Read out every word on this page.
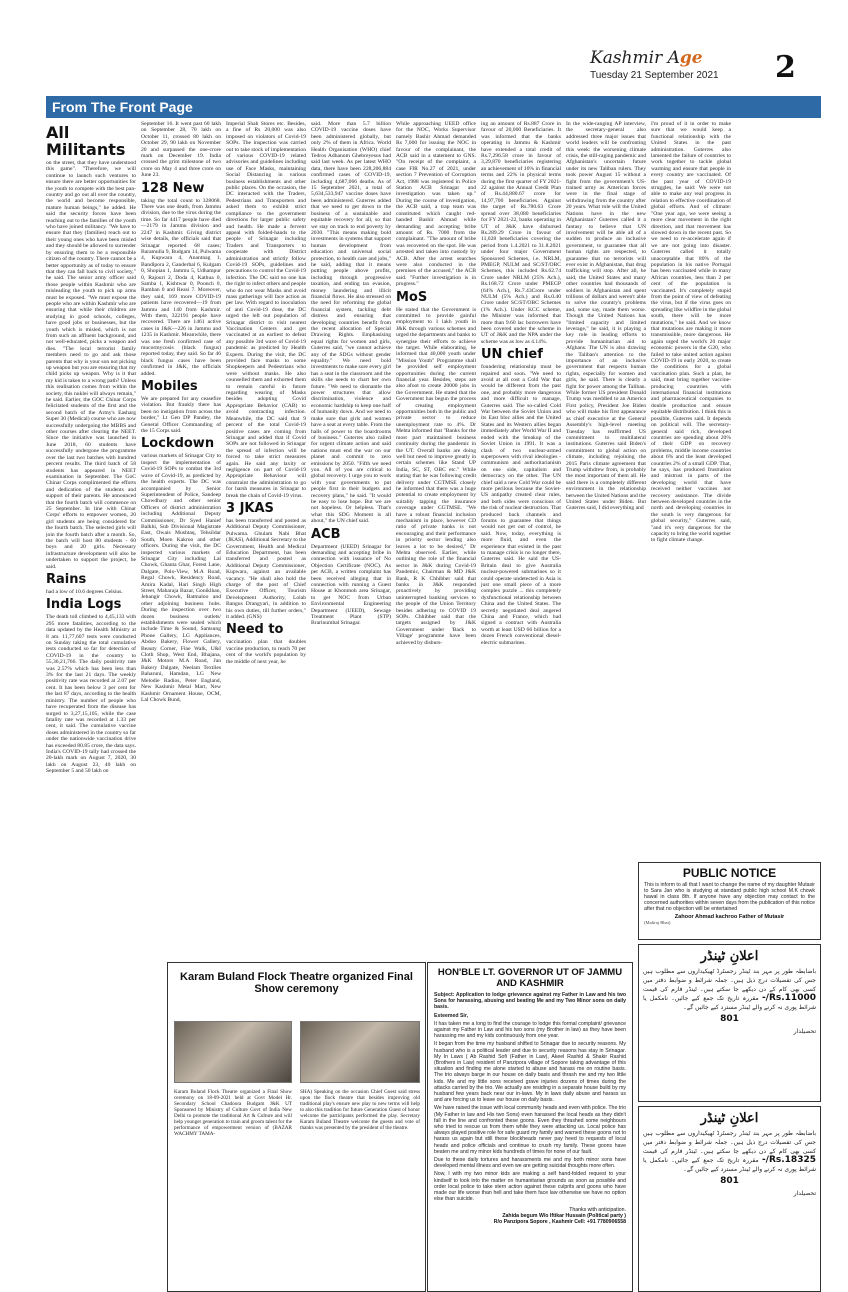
Kashmir Age
Tuesday 21 September 2021	2
From The Front Page
All Militants

on the street, that they have understood this game". "Therefore, we will continue to launch such ventures to ensure there are better opportunities for the youth to compete with the best pan-country and go out all over the country, the world and become responsible, mature human beings," he added. He said the security forces have been reaching out to the families of the youth who have joined militancy. "We have to ensure that they (families) reach out to their young ones who have been misled and they should be allowed to surrender by ensuring them to be a responsible citizen of the country. There cannot be a better opportunity as of today to ensure that they can fall back to civil society," he said. The senior army officer said those people within Kashmir who are misleading the youth to pick up arms must be exposed. "We must expose the people who are within Kashmir who are ensuring that while their children are studying in good schools, colleges, have good jobs or businesses, but the youth which is misled, which is not from such an affluent background, and not well-educated, picks a weapon and dies. "The local terrorist family members need to go and ask those parents that why is your son not picking up weapon but you are ensuring that my child picks up weapon. Why is it that my kid is taken to a wrong path? Unless this realisation comes from within the society, this nuklei will always remain," he said. Earlier, the GOC Chinar Corps felicitated students of the first and the second batch of the Army's Easharg Super 30 (Medical) course who are now successfully undergoing the MBBS and other courses after clearing the NEET. Since the initiative was launched in June 2018, 60 students have successfully undergone the programme over the last two batches with hundred percent results. The third batch of 58 students has appeared in NEET examination in September. The GoC Chinar Corps complimented the efforts and dedication of the students and support of their parents. He announced that the fourth batch will commence on 25 September. In line with Chinar Corps' efforts to empower women, 20 girl students are being considered for the fourth batch. The selected girls will join the fourth batch after a month. So, the batch will host 80 students - 60 boys and 20 girls. Necessary infrastructure development will also be undertaken to support the project, he said.

Rains

had a low of 10.6 degrees Celsius.

India Logs

The death toll climbed to 4,45,133 with 295 more fatalities, according to the data updated by the Health Ministry at 8 am. 11,77,607 tests were conducted on Sunday taking the total cumulative tests conducted so far for detection of COVID-19 in the country to 55,36,21,766. The daily positivity rate was 2.57% which has been less than 3% for the last 21 days. The weekly positivity rate was recorded at 2.07 per cent. It has been below 3 per cent for the last 87 days, according to the health ministry. The number of people who have recuperated from the disease has surged to 3,27,15,105, while the case fatality rate was recorded at 1.33 per cent, it said. The cumulative vaccine doses administered in the country so far under the nationwide vaccination drive has exceeded 80.85 crore, the data says. India's COVID-19 tally had crossed the 20-lakh mark on August 7, 2020, 30 lakh on August 23, 40 lakh on September 5 and 50 lakh on

September 16. It went past 60 lakh on September 28, 70 lakh on October 11, crossed 80 lakh on October 29, 90 lakh on November 20 and surpassed the one-crore mark on December 19. India crossed the grim milestone of two crore on May 4 and three crore on June 23.

128 New

taking the total count to 328068. There was one death, from Jammu division, due to the virus during the time. So far 4417 people have died—2179 in Jammu division and 2247 in Kashmir. Giving district wise details, the officials said that Srinagar reported 68 cases; Baramulla 9, Budgam 14, Pulwama 4, Kupwara 4, Anantnag 1, Bandipora 2, Ganderbal 6, Kulgam 0, Shopian 1, Jammu 5, Udhampur 0, Rajouri 2, Doda 4, Kathua 0, Samba 1, Kishtwar 0, Poonch 0, Ramban 0 and Reasi 7. Moreover, they said, 169 more COVID-19 patients have recovered—19 from Jammu and 140 from Kashmir. With them, 322191 people have recovered. There are 1461 active cases in J&K—226 in Jammu and 1235 in Kashmir. Meanwhile, there was one fresh confirmed case of mucormycosis (black fungus) reported today, they said. So far 46 black fungus cases have been confirmed in J&K, the officials added.

Mobiles

We are prepared for any ceasefire violation. But frankly there has been no instigation from across the border," Lt Gen DP Pandey, the General Officer Commanding of the 15 Corps said.

Lockdown

various markets of Srinagar City to inspect the implementation of Covid-19 SOPs to combat the 3rd wave of Covid-19, as predicted by the health experts. The DC was accompanied by Senior Superintendent of Police, Sandeep Chowdhary and other senior Officers of district administration including Additional Deputy Commissioner, Dr Syed Hanief Balkhi, Sub Divisional Magistrate East, Owais Mushtaq, Tehsildar South, Moen Kakroo and other officers. During the visit, the DC inspected various markets of Srinagar City including Lal Chowk, Ghanta Ghar, Forest Lane, Dalgate, Polo-View, M.A Road, Regal Chowk, Residency Road, Amira Kadal, Hari Singh High Street, Maharaja Bazar, Goniklhan, Jehangir Chowk, Batmaloo and other adjoining business hubs. During the inspection over two dozen business outlets/ establishments were sealed which include Time & Sound, Samsung Phone Gallery, LG Appliances, Abdoo Bakery, Flower Gallery, Beauty Corner, Fine Walk, U&I Cloth Shop, West End, Bhajana, J&K Motors M.A Road, Jan Bakery Dalgate, Neelam Textiles Baharuni, Hamdan, LG New Melodie Radios, Peter England, New Kashmir Metal Mart, New Kashmir Ornament House, OCM, Lal Chowk Bund,

Imperial Shah Stores etc. Besides, a fine of Rs 20,000 was also imposed on violators of Covid-19 SOPs. The inspection was carried out to take stock of implementation of various COVID-19 related advisories and guidelines including use of Face Masks, maintaining Social Distancing in various business establishments and other public places. On the occasion, the DC interacted with the Traders, Pedestrians and Transporters and asked them to exhibit strict compliance to the government directions for larger public safety and health. He made a fervent appeal with folded-hands to the people of Srinagar including Traders and Transporters to cooperate with District administration and strictly follow Covid-19 SOPs, guidelines and precautions to control the Covid-19 infection. The DC said no one has the right to infect others and people who do not wear Masks and avoid mass gatherings will face action as per law. With regard to inoculation of anti Covid-19 dose, the DC urged the left out population of Srinagar district to visit nearest Vaccination Centers and get vaccinated at an earliest to defeat any possible 3rd wave of Covid-19 pandemic as predicted by Health Experts. During the visit, the DC provided face masks to some Shopkeepers and Pedestrians who were without masks. He also counselled them and exhorted them to remain careful in future regarding wearing of Masks besides adopting Covid Appropriate Behavior (CAB) to avoid contracting infection. Meanwhile, the DC said that 9 percent of the total Covid-19 positive cases are coming from Srinagar and added that if Covid SOPs are not followed in Srinagar the spread of infection will be forced to take strict measures again. He said any laxity or negligence on part of Covid-19 Appropriate Behaviour will constraint the administration to go for harsh measures in Srinagar to break the chain of Covid-19 virus.

3 JKAS

has been transferred and posted as Additional Deputy Commissioner, Pulwama. Ghulam Nabi Bhat (JKAS), Additional Secretary to the Government, Health and Medical Education Department, has been transferred and posted as Additional Deputy Commissioner, Kupwara, against an available vacancy. "He shall also hold the charge of the post of Chief Executive Officer, Tourism Development Authority, Lolab Bangus Drangyari, in addition to his own duties, till further orders," it added. (GNS)

Need to

vaccination plan that doubles vaccine production, to reach 70 per cent of the world's population by the middle of next year, he

said. More than 5.7 billion COVID-19 vaccine doses have been administered globally, but only 2% of them in Africa. World Health Organisation (WHO) chief Tedros Adhanom Ghebreyesus had said last week. As per latest WHO data, there have been 228,206,884 confirmed cases of COVID-19, including 4,687,066 deaths. As of 15 September 2021, a total of 5,634,533,947 vaccine doses have been administered. Guterres added that we need to get down to the business of a sustainable and equitable recovery for all, so that we stay on track to end poverty by 2030. "This means making bold investments in systems that support human development from education and universal social protection, to health care and jobs," he said, adding that it means putting people above profits, including through progressive taxation, and ending tax evasion, money laundering and illicit financial flows. He also stressed on the need for reforming the global financial system, tackling debt distress and ensuring that developing countries benefit from the recent allocation of Special Drawing Rights. Emphasising equal rights for women and girls, Guterres said, "we cannot achieve any of the SDGs without gender equality." We need bold investments to make sure every girl has a seat in the classroom and the skills she needs to chart her own future. "We need to dismantle the power structures that allow discrimination, violence and economic hardship to keep one half of humanity down. And we need to make sure that girls and women have a seat at every table. From the halls of power to the boardrooms of business." Guterres also called for urgent climate action and said nations must end the war on our planet and commit to zero emissions by 2050. "Fifth we need you. All of you are critical to global recovery. I urge you to work with your governments to put people first in their budgets and recovery plans," he said. "It would be easy to lose hope. But we are not hopeless. Or helpless. That's what this SDG Moment is all about," the UN chief said.

ACB

Department (UEED) Srinagar for demanding and accepting bribe in connection with issuance of No Objection Certificate (NOC). As per ACB, a written complaint has been received alleging that in connection with running a Guest House at Khonmoh area Srinagar, to get NOC from Urban Environmental Engineering Department (UEED), Sewage Treatment Plant (STP) Brarinumbal Srinagar.

While approaching UEED office for the NOC, Works Supervisor namely Bashir Ahmad demanded Rs 7,000 for issuing the NOC in favour of the complainant, the ACB said in a statement to GNS. "On receipt of the complaint, a case FIR No.27 of 2021, under section 7 Prevention of Corruption Act, 1988 was registered in Police Station ACB Srinagar and investigation was taken up." During the course of investigation, the ACB said, a trap team was constituted which caught red-handed Bashir Ahmad while demanding and accepting bribe amount of Rs. 7000 from the complainant. "The amount of bribe was recovered on the spot. He was arrested and taken into custody by ACB. After the arrest searches were also conducted in the premises of the accused," the ACB said. "Further investigation is in progress."

MoS

He stated that the Government is committed to provide gainful employment to 1 lakh youth in J&K through various schemes and urged the departments and banks to synergise their efforts to achieve the target. While elaborating, he informed that 40,000 youth under "Mission Youth" Programme shall be provided self employment opportunities during the current financial year. Besides, steps are also afoot to create 20000 jobs in the Government. He stated that the Government has begun the process of creating employment opportunities both in the public and private sector to reduce unemployment rate to 4%. Dr Mehta informed that "Banks for the most part maintained business continuity during the pandemic in the UT. Overall banks are doing well but need to improve greatly in certain schemes like Stand UP India, SC, ST, OBC etc." While stating that he was following credit delivery under CGTMSE closely he informed that there was a huge potential to create employment by suitably tapping the insurance coverage under CGTMSE. "We have a robust financial inclusion mechanism in place, however CD ratio of private banks is not encouraging and their performance in priority sector lending also leaves a lot to be desired," Dr Mehta observed. Earlier, while outlining the role of the financial sector in J&K during Covid-19 Pandemic, Chairman & MD J&K Bank, R K Chhibber said that banks in J&K responded proactively by providing uninterrupted banking services to the people of the Union Territory besides adhering to COVID 19 SOPs. Chhibber said that the targets assigned by J&K Government under 'Back to Village' programme have been achieved by disburs-

ing an amount of Rs.887 Crore in favour of 20,000 Beneficiaries. It was informed that the banks operating in Jammu & Kashmir have extended a total credit of Rs.7,296.58 crore in favour of 3,29,870 beneficiaries registering an achievement of 16% in financial terms and 22% in physical terms during the first quarter of FY 2021-22 against the Annual Credit Plan of Rs.44,880.67 crore for 14,97,700 beneficiaries. Against the target of Rs.780.63 Crore spread over 38,080 beneficiaries for FY 2021-22, banks operating in UT of J&K have disbursed Rs.289.29 Crore in favour of 11,028 beneficiaries covering the period from 1.4.2021 to 31.8.2021 under four major Government Sponsored Schemes, i.e. NRLM, PMEGP, NULM and SC/ST/OBC Schemes, this included Rs.62.74 Crore under NRLM (25% Ach.), Rs.168.72 Crore under PMEGP (64% Ach.), Rs.7.43Crore under NULM (5% Ach.) and Rs.0.40 Crore under SC/ST/OBC Schemes (1% Ach.). Under KCC scheme, the Minister was informed that more than 9.60 lac borrowers have been covered under the scheme in UT of J&K and the NPA under the scheme was as low as 4.14%.

UN chief

foundering relationship must be repaired and soon. "We need to avoid at all cost a Cold War that would be different from the past one, and probably more dangerous and more difficult to manage, Guterres said. The so-called Cold War between the Soviet Union and its East bloc allies and the United States and its Western allies began immediately after World War II and ended with the breakup of the Soviet Union in 1991. It was a clash of two nuclear-armed superpowers with rival ideologies - communism and authoritarianism on one side, capitalism and democracy on the other. The UN chief said a new Cold War could be more perilous because the Soviet-US antipathy created clear rules, and both sides were conscious of the risk of nuclear destruction. That produced back channels and forums to guarantee that things would not get out of control, he said. Now, today, everything is more fluid, and even the experience that existed in the past to manage crisis is no longer there, Guterres said. He said the US-Britain deal to give Australia nuclear-powered submarines so it could operate undetected in Asia is just one small piece of a more complex puzzle ... this completely dysfunctional relationship between China and the United States. The secretly negotiated deal angered China and France, which had signed a contract with Australia worth at least USD 66 billion for a dozen French conventional diesel-electric submarines.

In the wide-ranging AP interview, the secretary-general also addressed three major issues that world leaders will be confronting this week: the worsening climate crisis, the still-raging pandemic and Afghanistan's uncertain future under its new Taliban rulers. They took power August 15 without a fight from the government's US-trained army as American forces were in the final stage of withdrawing from the country after 20 years. What role will the United Nations have in the new Afghanistan? Guterres called it a fantasy to believe that UN involvement will be able all of a sudden to produce an inclusive government, to guarantee that all human rights are respected, to guarantee that no terrorists will ever exist in Afghanistan, that drug trafficking will stop. After all, he said, the United States and many other countries had thousands of soldiers in Afghanistan and spent trillions of dollars and weren't able to solve the country's problems and, some say, made them worse. Though the United Nations has "limited capacity and limited leverage," he said, it is playing a key role in leading efforts to provide humanitarian aid to Afghans. The UN is also drawing the Taliban's attention to the importance of an inclusive government that respects human rights, especially for women and girls, he said. There is clearly a fight for power among the Taliban. While former US president Donald Trump was meddled to an America First policy, President Joe Biden who will make his first appearance as chief executive at the General Assembly's high-level meeting Tuesday has reaffirmed US commitment to multilateral institutions. Guterres said Biden's commitment to global action on climate, including rejoining the 2015 Paris climate agreement that Trump withdrew from, is probably the most important of them all. He said there is a completely different environment in the relationship between the United Nations and the United States under Biden. But Guterres said, I did everything and

I'm proud of it in order to make sure that we would keep a functional relationship with the United States in the past administration. Guterres also lamented the failure of countries to work together to tackle global warming and ensure that people in every country are vaccinated. Of the past year of COVID-19 struggles, he said: We were not able to make any real progress in relation to effective coordination of global efforts. And of climate: "One year ago, we were seeing a more clear movement in the right direction, and that movement has slowed down in the recent past. So we need to re-accelerate again if we are not going into disaster. Guterres called it totally unacceptable that 80% of the population in his native Portugal has been vaccinated while in many African countries, less than 2 per cent of the population is vaccinated. It's completely stupid from the point of view of defeating the virus, but if the virus goes on spreading like wildfire in the global south, there will be more mutations," he said. And we know that mutations are making it more transmissible, more dangerous. He again urged the world's 20 major economic powers in the G20, who failed to take united action against COVID-19 in early 2020, to create the conditions for a global vaccination plan. Such a plan, he said, must bring together vaccine-producing countries with international financial institutions and pharmaceutical companies to double production and ensure equitable distribution. I think this is possible, Guterres said. It depends on political will. The secretary-general said rich, developed countries are spending about 20% of their GDP on recovery problems, middle income countries about 6% and the least developed countries 2% of a small GDP. That, he says, has produced frustration and mistrust in parts of the developing world that have received neither vaccines nor recovery assistance. The divide between developed countries in the north and developing countries in the south is very dangerous for global security," Guterres said, "and it's very dangerous for the capacity to bring the world together to fight climate change.

Karam Buland Flock Theatre organized Final Show ceremony
Karam Buland Flock Theatre organized a Final Show ceremony on 18-09-2021 held at Govt Model Hr. Secondary School Chadoora Budgam J&K UT Sponsored by Ministry of Culture Govt of India New Delhi to promote the traditional Art & Culture and will help younger generation to train and groom talent for the performance of empowerment version of (BAZAR WACHMY TAMA-
SHA) Speaking on the occasion Chief Guest said stress upon the flock theatre that besides improving old traditional play's ensure new play to new terms will help to also this tradition for future Generation Guest of honor welcome the participants performed the play. Secretary Karam Buland Theatre welcome the guests and vote of thanks was presented by the president of the theatre.
HON'BLE LT. GOVERNOR UT OF JAMMU AND KASHMIR

Subject: Application to lodge grievance against my Father in Law and his two Sons for harassing, abusing and beating Me and my Two Minor sons on daily basis.

Esteemed Sir,

It has taken me a long to find the courage to lodge this formal complaint/ grievance against my Father in Law and his two sons (my Brother in law) as they have been harassing me and my kids continuously from one year.

It began from the time my husband shifted to Srinagar due to security reasons. My husband who is a political leader and due to security reasons has stay in Srinagar. My In Laws ( Ab Rashid Sofi (Father in Law), Akeel Rashid & Shakir Rashid (Brothers in Law) resident of Panzipora village of Sopore taking advantage of this situation and finding me alone started to abuse and harass me on routine basis. The trio always barge in our house on daily basis and thrash me and my two little kids. Me and my little sons received grave injuries dozens of times during the attacks carried by the trio. We actually are residing in a separate house build by my husband few years back near our in-laws. My in laws daily abuse and harass us and are forcing us to leave our house on daily basis.

We have raised the issue with local community heads and even with police. The trio (My Father in law and His two Sons) even harassed the local heads as they didn't fall in the line and confronted these goons. Even they thrashed some neighbours who tried to rescue us from them while they were attacking us. Local police has always played positive role for safe guard my family and warned these goons not to harass us again but still these blockheads never pay heed to requests of local heads and police officials and continue to crush my family. These goons have beaten me and my minor kids hundreds of times for none of our fault.

Due to these daily tortures and harassments me and my both minor sons have developed mental illness and even we are getting suicidal thoughts more often.

Now, I with my two minor kids are making a self hand-folded request to your kindself to look into the matter on humanitarian grounds as soon as possible and order local police to take stern action against these culprits and goons who have made our life worse than hell and take them face law otherwise we have no option else than suicide.

Thanks with anticipation.
Zahida begum W/o Iftikar Hussain (Political party )
R/o Panzipora Sopore , Kashmir Cell: +91 7780906558
PUBLIC NOTICE
This is inform to all that I want to change the name of my daughter Mutasir to Sara Jan who is studying at standard public high school M.K chowk hawal in class 8th. If anyone have any objection may contact to the concerned authorities within seven days from the publication of this notice after that no objection will be entertained
Zahoor Ahmad kachroo Father of Mutasir
(Maliraj Bhat)
اعلانِ ٹینڈر
باضابطہ طور پر مہر بند ٹینڈر رجسٹرڈ ٹھیکیداروں سے مطلوب ہیں جس کی تفصیلات درج ذیل ہیں۔ جملہ شرائط و ضوابط دفتر میں کسی بھی کام کے دن دیکھے جا سکتے ہیں۔ ٹینڈر فارم کی قیمت Rs.11000/- مقررہ تاریخ تک جمع کیے جائیں۔ نامکمل یا شرائط پوری نہ کرنے والے ٹینڈر مسترد کیے جائیں گے۔
801
تحصیلدار
اعلانِ ٹینڈر
باضابطہ طور پر مہر بند ٹینڈر رجسٹرڈ ٹھیکیداروں سے مطلوب ہیں جس کی تفصیلات درج ذیل ہیں۔ جملہ شرائط و ضوابط دفتر میں کسی بھی کام کے دن دیکھے جا سکتے ہیں۔ ٹینڈر فارم کی قیمت Rs.18325/- مقررہ تاریخ تک جمع کیے جائیں۔ نامکمل یا شرائط پوری نہ کرنے والے ٹینڈر مسترد کیے جائیں گے۔
801
تحصیلدار
